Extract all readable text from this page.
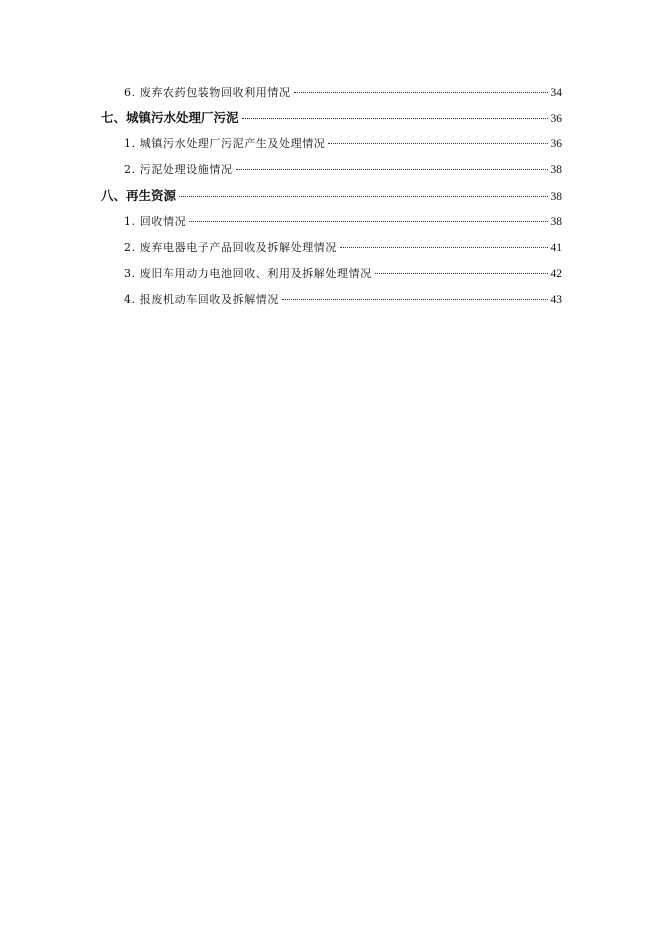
6. 废弃农药包装物回收利用情况	34
七、城镇污水处理厂污泥	36
1. 城镇污水处理厂污泥产生及处理情况	36
2. 污泥处理设施情况	38
八、再生资源	38
1. 回收情况	38
2. 废弃电器电子产品回收及拆解处理情况	41
3. 废旧车用动力电池回收、利用及拆解处理情况	42
4. 报废机动车回收及拆解情况	43
